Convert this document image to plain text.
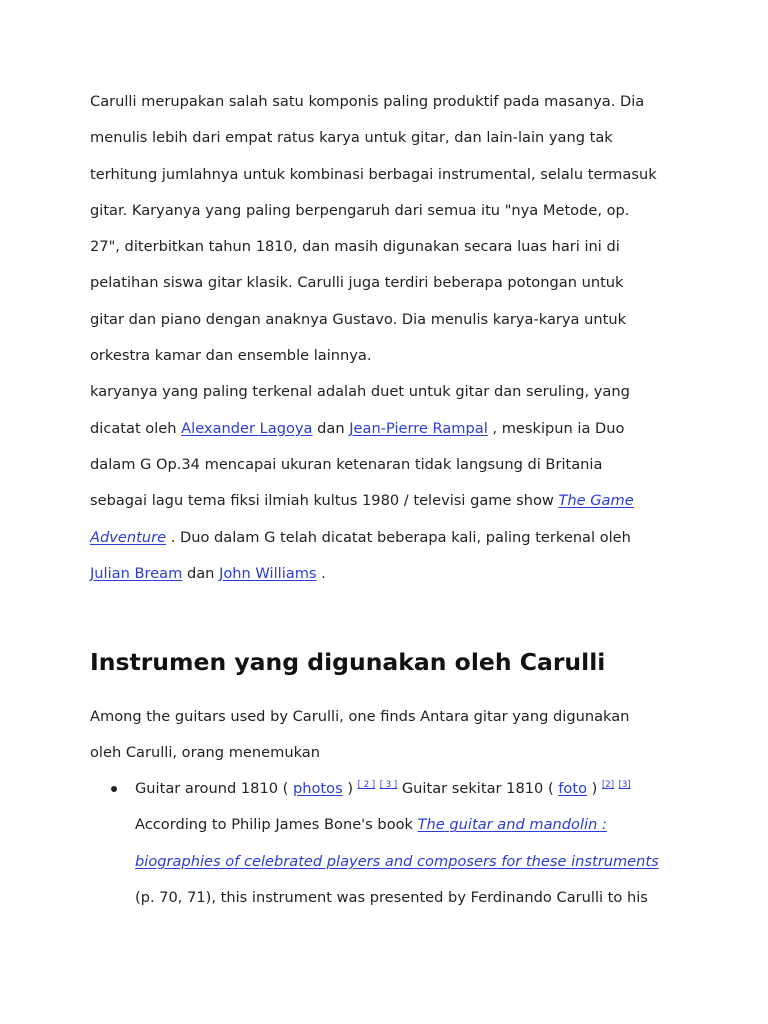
Carulli merupakan salah satu komponis paling produktif pada masanya. Dia
menulis lebih dari empat ratus karya untuk gitar, dan lain-lain yang tak
terhitung jumlahnya untuk kombinasi berbagai instrumental, selalu termasuk
gitar. Karyanya yang paling berpengaruh dari semua itu "nya Metode, op.
27", diterbitkan tahun 1810, dan masih digunakan secara luas hari ini di
pelatihan siswa gitar klasik. Carulli juga terdiri beberapa potongan untuk
gitar dan piano dengan anaknya Gustavo. Dia menulis karya-karya untuk
orkestra kamar dan ensemble lainnya.

karyanya yang paling terkenal adalah duet untuk gitar dan seruling, yang
dicatat oleh Alexander Lagoya dan Jean-Pierre Rampal , meskipun ia Duo
dalam G Op.34 mencapai ukuran ketenaran tidak langsung di Britania
sebagai lagu tema fiksi ilmiah kultus 1980 / televisi game show The Game
Adventure . Duo dalam G telah dicatat beberapa kali, paling terkenal oleh
Julian Bream dan John Williams .

Instrumen yang digunakan oleh Carulli

Among the guitars used by Carulli, one finds Antara gitar yang digunakan
oleh Carulli, orang menemukan

Guitar around 1810 ( photos ) [ 2 ] [ 3 ] Guitar sekitar 1810 ( foto ) [2] [3]
According to Philip James Bone's book The guitar and mandolin :
biographies of celebrated players and composers for these instruments
(p. 70, 71), this instrument was presented by Ferdinando Carulli to his
